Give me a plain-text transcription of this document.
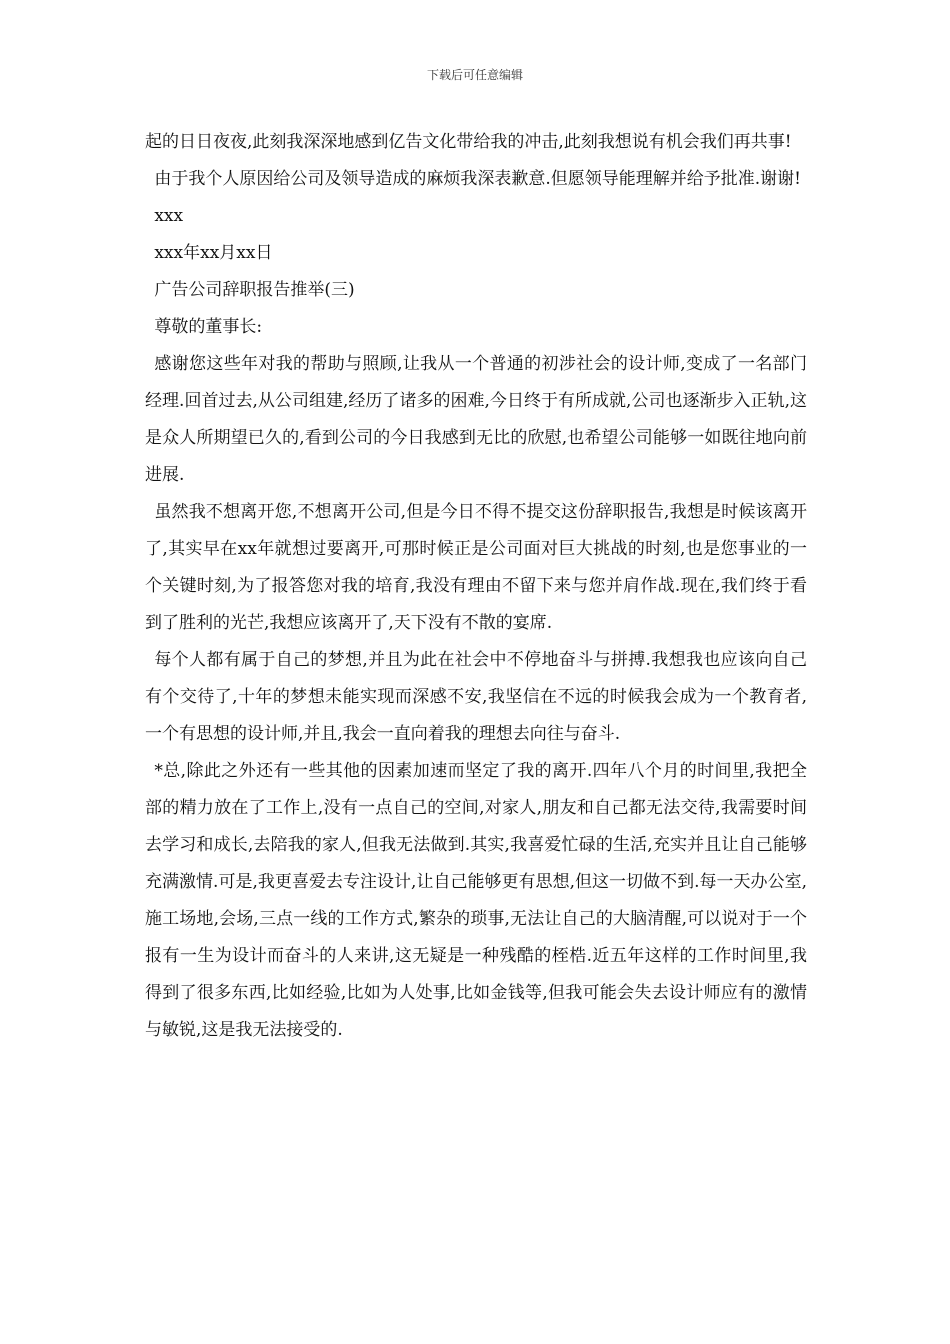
下载后可任意编辑

起的日日夜夜,此刻我深深地感到亿告文化带给我的冲击,此刻我想说有机会我们再共事!

由于我个人原因给公司及领导造成的麻烦我深表歉意.但愿领导能理解并给予批准.谢谢!

xxx

xxx年xx月xx日

广告公司辞职报告推举(三)

尊敬的董事长:

感谢您这些年对我的帮助与照顾,让我从一个普通的初涉社会的设计师,变成了一名部门经理.回首过去,从公司组建,经历了诸多的困难,今日终于有所成就,公司也逐渐步入正轨,这是众人所期望已久的,看到公司的今日我感到无比的欣慰,也希望公司能够一如既往地向前进展.

虽然我不想离开您,不想离开公司,但是今日不得不提交这份辞职报告,我想是时候该离开了,其实早在xx年就想过要离开,可那时候正是公司面对巨大挑战的时刻,也是您事业的一个关键时刻,为了报答您对我的培育,我没有理由不留下来与您并肩作战.现在,我们终于看到了胜利的光芒,我想应该离开了,天下没有不散的宴席.

每个人都有属于自己的梦想,并且为此在社会中不停地奋斗与拼搏.我想我也应该向自己有个交待了,十年的梦想未能实现而深感不安,我坚信在不远的时候我会成为一个教育者,一个有思想的设计师,并且,我会一直向着我的理想去向往与奋斗.

*总,除此之外还有一些其他的因素加速而坚定了我的离开.四年八个月的时间里,我把全部的精力放在了工作上,没有一点自己的空间,对家人,朋友和自己都无法交待,我需要时间去学习和成长,去陪我的家人,但我无法做到.其实,我喜爱忙碌的生活,充实并且让自己能够充满激情.可是,我更喜爱去专注设计,让自己能够更有思想,但这一切做不到.每一天办公室,施工场地,会场,三点一线的工作方式,繁杂的琐事,无法让自己的大脑清醒,可以说对于一个报有一生为设计而奋斗的人来讲,这无疑是一种残酷的桎梏.近五年这样的工作时间里,我得到了很多东西,比如经验,比如为人处事,比如金钱等,但我可能会失去设计师应有的激情与敏锐,这是我无法接受的.
